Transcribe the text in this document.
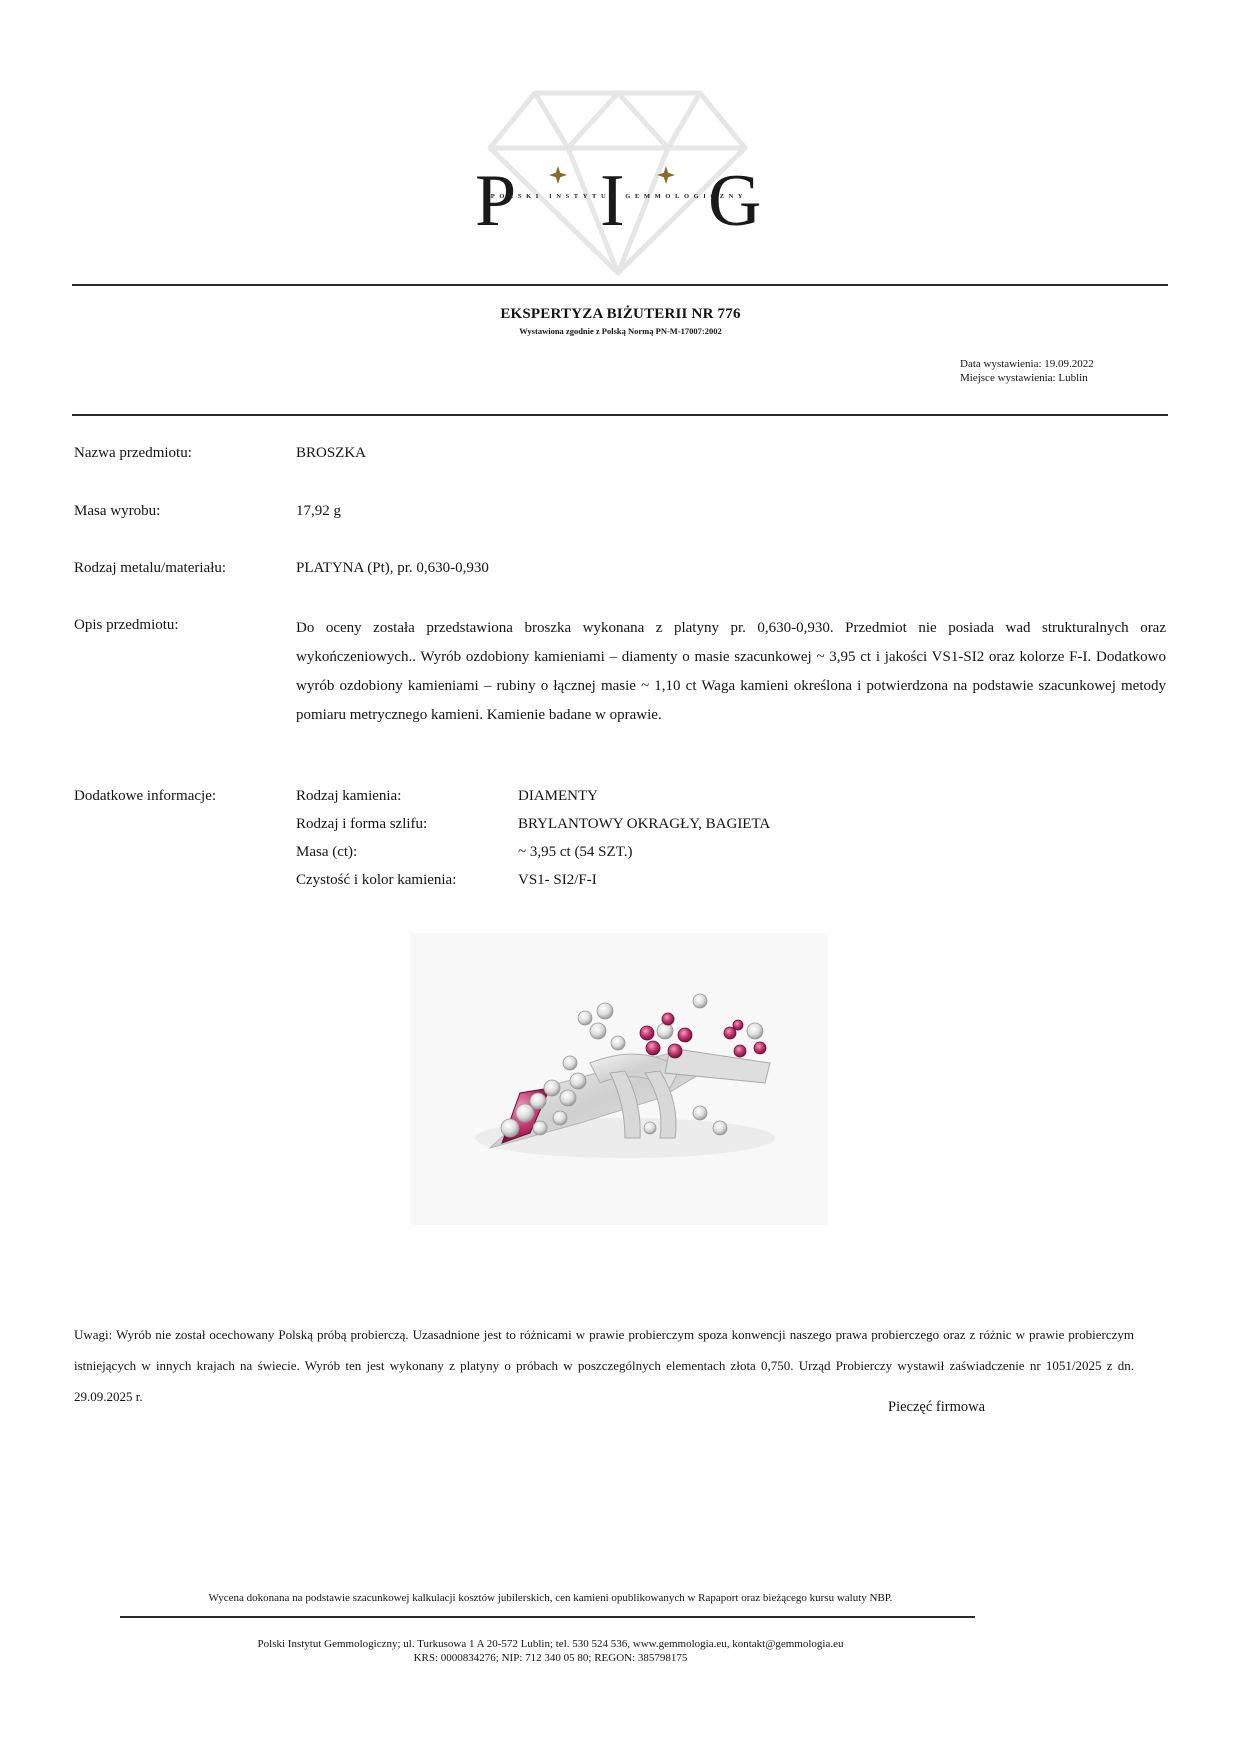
P I G
POLSKI INSTYTUT GEMMOLOGICZNY
EKSPERTYZA BIŻUTERII NR 776
Wystawiona zgodnie z Polską Normą PN-M-17007:2002
Data wystawienia: 19.09.2022
Miejsce wystawienia: Lublin
Nazwa przedmiotu:	BROSZKA
Masa wyrobu:	17,92 g
Rodzaj metalu/materiału:	PLATYNA (Pt), pr. 0,630-0,930
Opis przedmiotu:	Do oceny została przedstawiona broszka wykonana z platyny pr. 0,630-0,930. Przedmiot nie posiada wad strukturalnych oraz wykończeniowych.. Wyrób ozdobiony kamieniami – diamenty o masie szacunkowej ~ 3,95 ct i jakości VS1-SI2 oraz kolorze F-I. Dodatkowo wyrób ozdobiony kamieniami – rubiny o łącznej masie ~ 1,10 ct Waga kamieni określona i potwierdzona na podstawie szacunkowej metody pomiaru metrycznego kamieni. Kamienie badane w oprawie.
Dodatkowe informacje:	Rodzaj kamienia:	DIAMENTY
Rodzaj i forma szlifu:	BRYLANTOWY OKRAGŁY, BAGIETA
Masa (ct):	~ 3,95 ct (54 SZT.)
Czystość i kolor kamienia:	VS1- SI2/F-I
Uwagi: Wyrób nie został ocechowany Polską próbą probierczą. Uzasadnione jest to różnicami w prawie probierczym spoza konwencji naszego prawa probierczego oraz z różnic w prawie probierczym istniejących w innych krajach na świecie. Wyrób ten jest wykonany z platyny o próbach w poszczególnych elementach złota 0,750. Urząd Probierczy wystawił zaświadczenie nr 1051/2025 z dn. 29.09.2025 r.
Pieczęć firmowa
Wycena dokonana na podstawie szacunkowej kalkulacji kosztów jubilerskich, cen kamieni opublikowanych w Rapaport oraz bieżącego kursu waluty NBP.
Polski Instytut Gemmologiczny; ul. Turkusowa 1 A 20-572 Lublin; tel. 530 524 536, www.gemmologia.eu, kontakt@gemmologia.eu
KRS: 0000834276; NIP: 712 340 05 80; REGON: 385798175
